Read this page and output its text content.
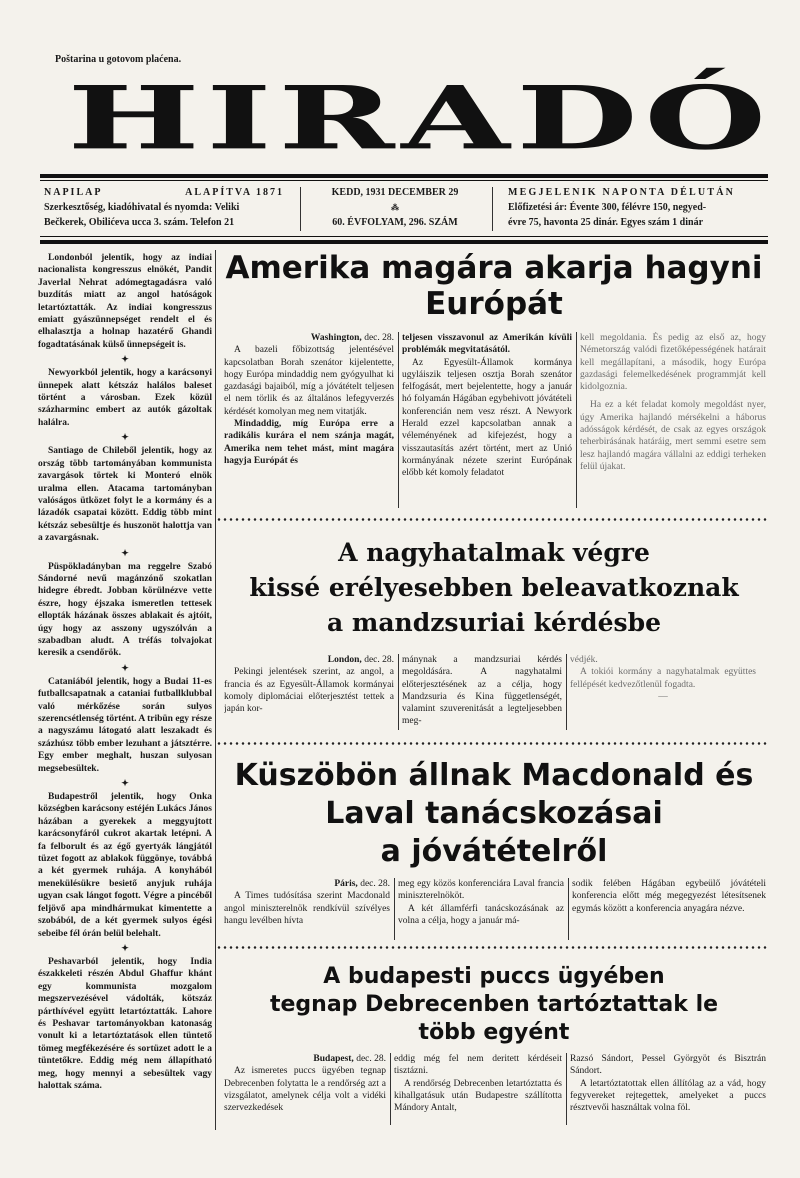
Poštarina u gotovom plaćena.
HIRADÓ
NAPILAP	ALAPÍTVA 1871
Szerkesztőség, kiadóhivatal és nyomda: Veliki
Bečkerek, Obilićeva ucca 3. szám. Telefon 21
KEDD, 1931 DECEMBER 29
⁂
60. ÉVFOLYAM, 296. SZÁM
MEGJELENIK NAPONTA DÉLUTÁN
Előfizetési ár: Évente 300, félévre 150, negyed-
évre 75, havonta 25 dinár. Egyes szám 1 dinár

Londonból jelentik, hogy az indiai nacionalista kongresszus elnökét, Pandit Javerlal Nehrat adómegtagadásra való buzdítás miatt az angol hatóságok letartóztatták. Az indiai kongresszus emiatt gyászünnepséget rendelt el és elhalasztja a holnap hazatérő Ghandi fogadtatásának külső ünnepségeit is.

✦

Newyorkból jelentik, hogy a karácsonyi ünnepek alatt kétszáz halálos baleset történt a városban. Ezek közül százharminc embert az autók gázoltak halálra.

✦

Santiago de Chileből jelentik, hogy az ország több tartományában kommunista zavargások törtek ki Monteró elnök uralma ellen. Atacama tartományban valóságos ütközet folyt le a kormány és a lázadók csapatai között. Eddig több mint kétszáz sebesültje és huszonöt halottja van a zavargásnak.

✦

Püspökladányban ma reggelre Szabó Sándorné nevű magánzónő szokatlan hidegre ébredt. Jobban körülnézve vette észre, hogy éjszaka ismeretlen tettesek ellopták házának összes ablakait és ajtóit, úgy hogy az asszony ugyszólván a szabadban aludt. A tréfás tolvajokat keresik a csendőrök.

✦

Cataniából jelentik, hogy a Budai 11-es futballcsapatnak a cataniai futballklubbal való mérkőzése során sulyos szerencsétlenség történt. A tribün egy része a nagyszámu látogató alatt leszakadt és százhúsz több ember lezuhant a játsztérre. Egy ember meghalt, huszan sulyosan megsebesültek.

✦

Budapestről jelentik, hogy Onka községben karácsony estéjén Lukács János házában a gyerekek a meggyujtott karácsonyfáról cukrot akartak letépni. A fa felborult és az égő gyertyák lángjától tüzet fogott az ablakok függönye, továbbá a két gyermek ruhája. A konyhából menekülésükre besiető anyjuk ruhája ugyan csak lángot fogott. Végre a pincéből feljövő apa mindhármukat kimentette a szobából, de a két gyermek sulyos égési sebeibe fél órán belül belehalt.

✦

Peshavarból jelentik, hogy India északkeleti részén Abdul Ghaffur khánt egy kommunista mozgalom megszervezésével vádolták, kötszáz párthívével együtt letartóztatták. Lahore és Peshavar tartományokban katonaság vonult ki a letartóztatások ellen tüntető tömeg megfékezésére és sortüzet adott le a tüntetőkre. Eddig még nem állapítható meg, hogy mennyi a sebesültek vagy halottak száma.

Amerika magára akarja hagyni
Európát
Washington, dec. 28.
A bazeli főbizottság jelentésével kapcsolatban Borah szenátor kijelentette, hogy Európa mindaddig nem gyógyulhat ki gazdasági bajaiból, míg a jóvátételt teljesen el nem törlik és az általános lefegyverzés kérdését komolyan meg nem vitatják.
Mindaddig, míg Európa erre a radikális kurára el nem szánja magát, Amerika nem tehet mást, mint magára hagyja Európát és
teljesen visszavonul az Amerikán kívüli problémák megvitatásától.
Az Egyesült-Államok kormánya ugyláiszik teljesen osztja Borah szenátor felfogását, mert bejelentette, hogy a január hó folyamán Hágában egybehivott jóvátételi konferencián nem vesz részt. A Newyork Herald ezzel kapcsolatban annak a véleményének ad kifejezést, hogy a visszautasítás azért történt, mert az Unió kormányának nézete szerint Európának előbb két komoly feladatot
kell megoldania. És pedig az első az, hogy Németország valódi fizetőképességének határait kell megállapítani, a második, hogy Európa gazdasági felemelkedésének programmját kell kidolgoznia.
Ha ez a két feladat komoly megoldást nyer, úgy Amerika hajlandó mérsékelni a háborus adósságok kérdését, de csak az egyes országok teherbirásának határáig, mert semmi esetre sem lesz hajlandó magára vállalni az eddigi terheken felül újakat.
A nagyhatalmak végre
kissé erélyesebben beleavatkoznak
a mandzsuriai kérdésbe
London, dec. 28.
Pekingi jelentések szerint, az angol, a francia és az Egyesült-Államok kormányai komoly diplomáciai előterjesztést tettek a japán kor-
mánynak a mandzsuriai kérdés megoldására. A nagyhatalmi előterjesztésének az a célja, hogy Mandzsuria és Kina függetlenségét, valamint szuverenitását a legteljesebben meg-
védjék.
A tokiói kormány a nagyhatalmak együttes fellépését kedvezőtlenül fogadta.
—
Küszöbön állnak Macdonald és
Laval tanácskozásai
a jóvátételről
Páris, dec. 28.
A Times tudósítása szerint Macdonald angol miniszterelnök rendkívül szívélyes hangu levélben hívta
meg egy közös konferenciára Laval francia miniszterelnököt.
A két államférfi tanácskozásának az volna a célja, hogy a január má-
sodik felében Hágában egybeülő jóvátételi konferencia előtt még megegyezést létesítsenek egymás között a konferencia anyagára nézve.
A budapesti puccs ügyében
tegnap Debrecenben tartóztattak le
több egyént
Budapest, dec. 28.
Az ismeretes puccs ügyében tegnap Debrecenben folytatta le a rendőrség azt a vizsgálatot, amelynek célja volt a vidéki szervezkedések
eddig még fel nem deritett kérdéseit tisztázni.
A rendőrség Debrecenben letartóztatta és kihallgatásuk után Budapestre szállította Mándory Antalt,
Razsó Sándort, Pessel Györgyöt és Bisztrán Sándort.
A letartóztatottak ellen állítólag az a vád, hogy fegyvereket rejtegettek, amelyeket a puccs résztvevői használtak volna föl.
